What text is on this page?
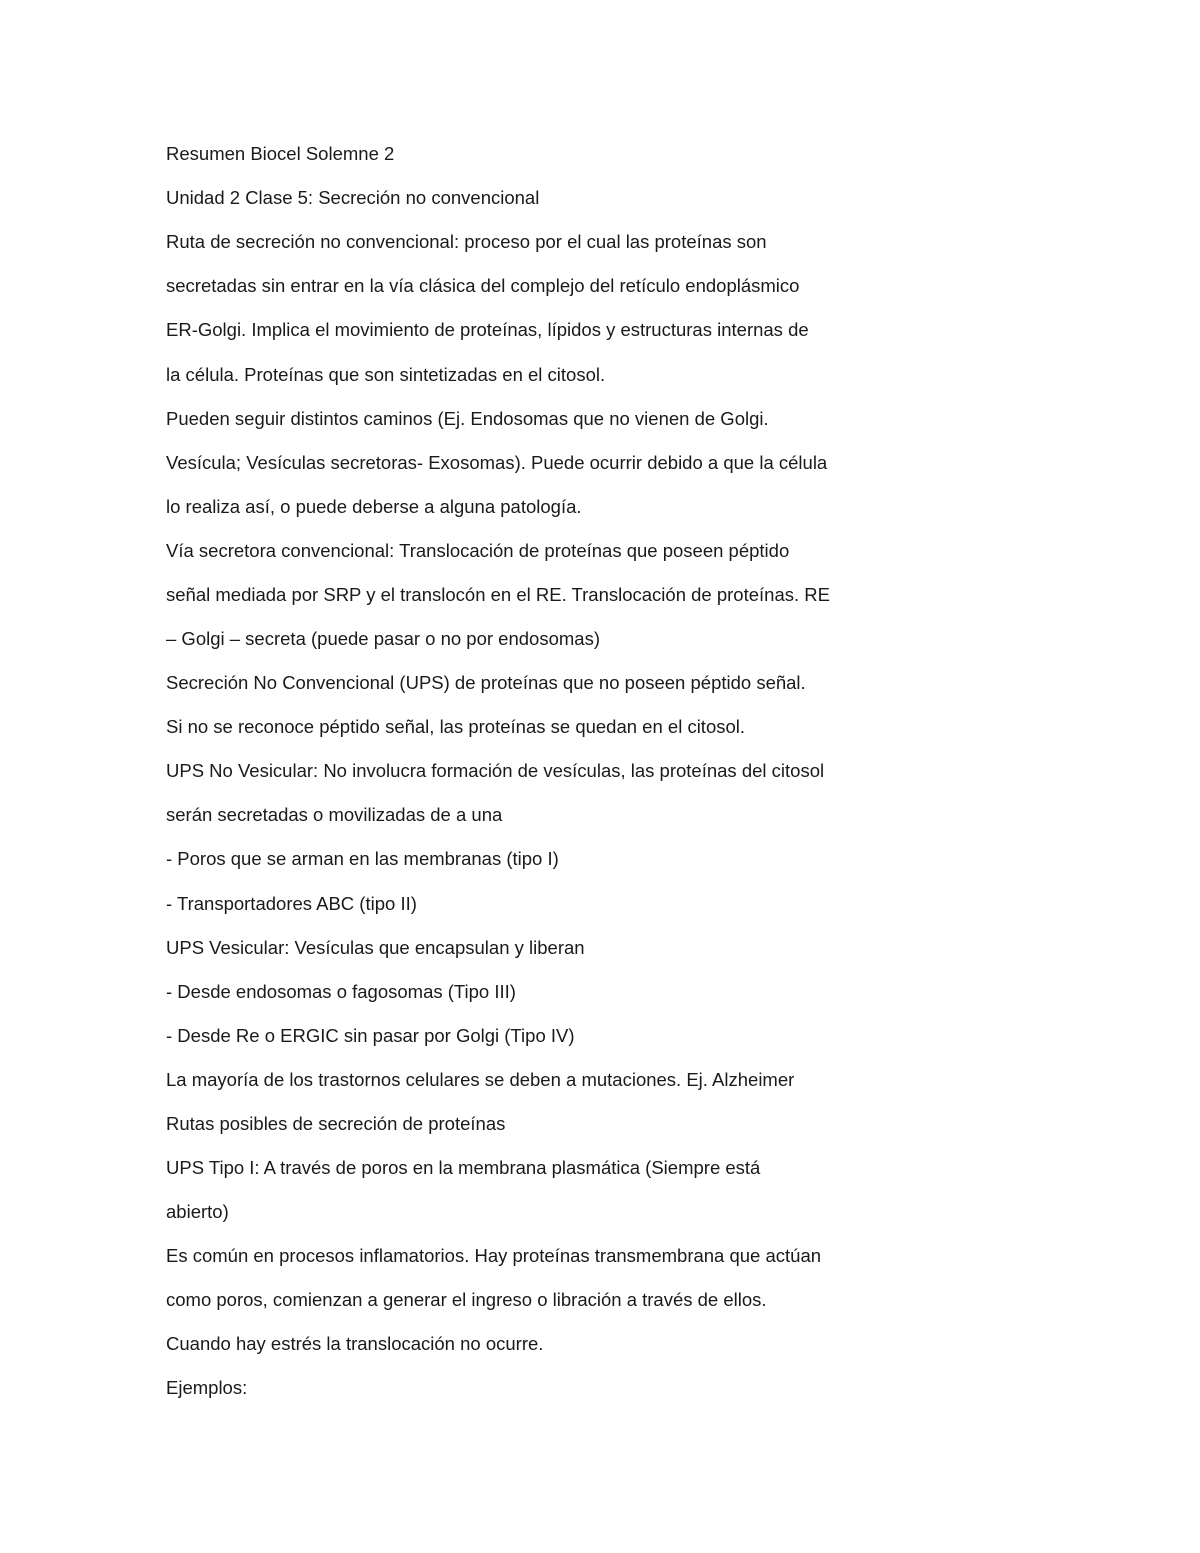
Resumen Biocel Solemne 2

Unidad 2 Clase 5: Secreción no convencional

Ruta de secreción no convencional: proceso por el cual las proteínas son

secretadas sin entrar en la vía clásica del complejo del retículo endoplásmico

ER-Golgi. Implica el movimiento de proteínas, lípidos y estructuras internas de

la célula. Proteínas que son sintetizadas en el citosol.

Pueden seguir distintos caminos (Ej. Endosomas que no vienen de Golgi.

Vesícula; Vesículas secretoras- Exosomas). Puede ocurrir debido a que la célula

lo realiza así, o puede deberse a alguna patología.

Vía secretora convencional: Translocación de proteínas que poseen péptido

señal mediada por SRP y el translocón en el RE. Translocación de proteínas. RE

– Golgi – secreta (puede pasar o no por endosomas)

Secreción No Convencional (UPS) de proteínas que no poseen péptido señal.

Si no se reconoce péptido señal, las proteínas se quedan en el citosol.

UPS No Vesicular: No involucra formación de vesículas, las proteínas del citosol

serán secretadas o movilizadas de a una

- Poros que se arman en las membranas (tipo I)

- Transportadores ABC (tipo II)

UPS Vesicular: Vesículas que encapsulan y liberan

- Desde endosomas o fagosomas (Tipo III)

- Desde Re o ERGIC sin pasar por Golgi (Tipo IV)

La mayoría de los trastornos celulares se deben a mutaciones. Ej. Alzheimer

Rutas posibles de secreción de proteínas

UPS Tipo I: A través de poros en la membrana plasmática (Siempre está

abierto)

Es común en procesos inflamatorios. Hay proteínas transmembrana que actúan

como poros, comienzan a generar el ingreso o libración a través de ellos.

Cuando hay estrés la translocación no ocurre.

Ejemplos:
